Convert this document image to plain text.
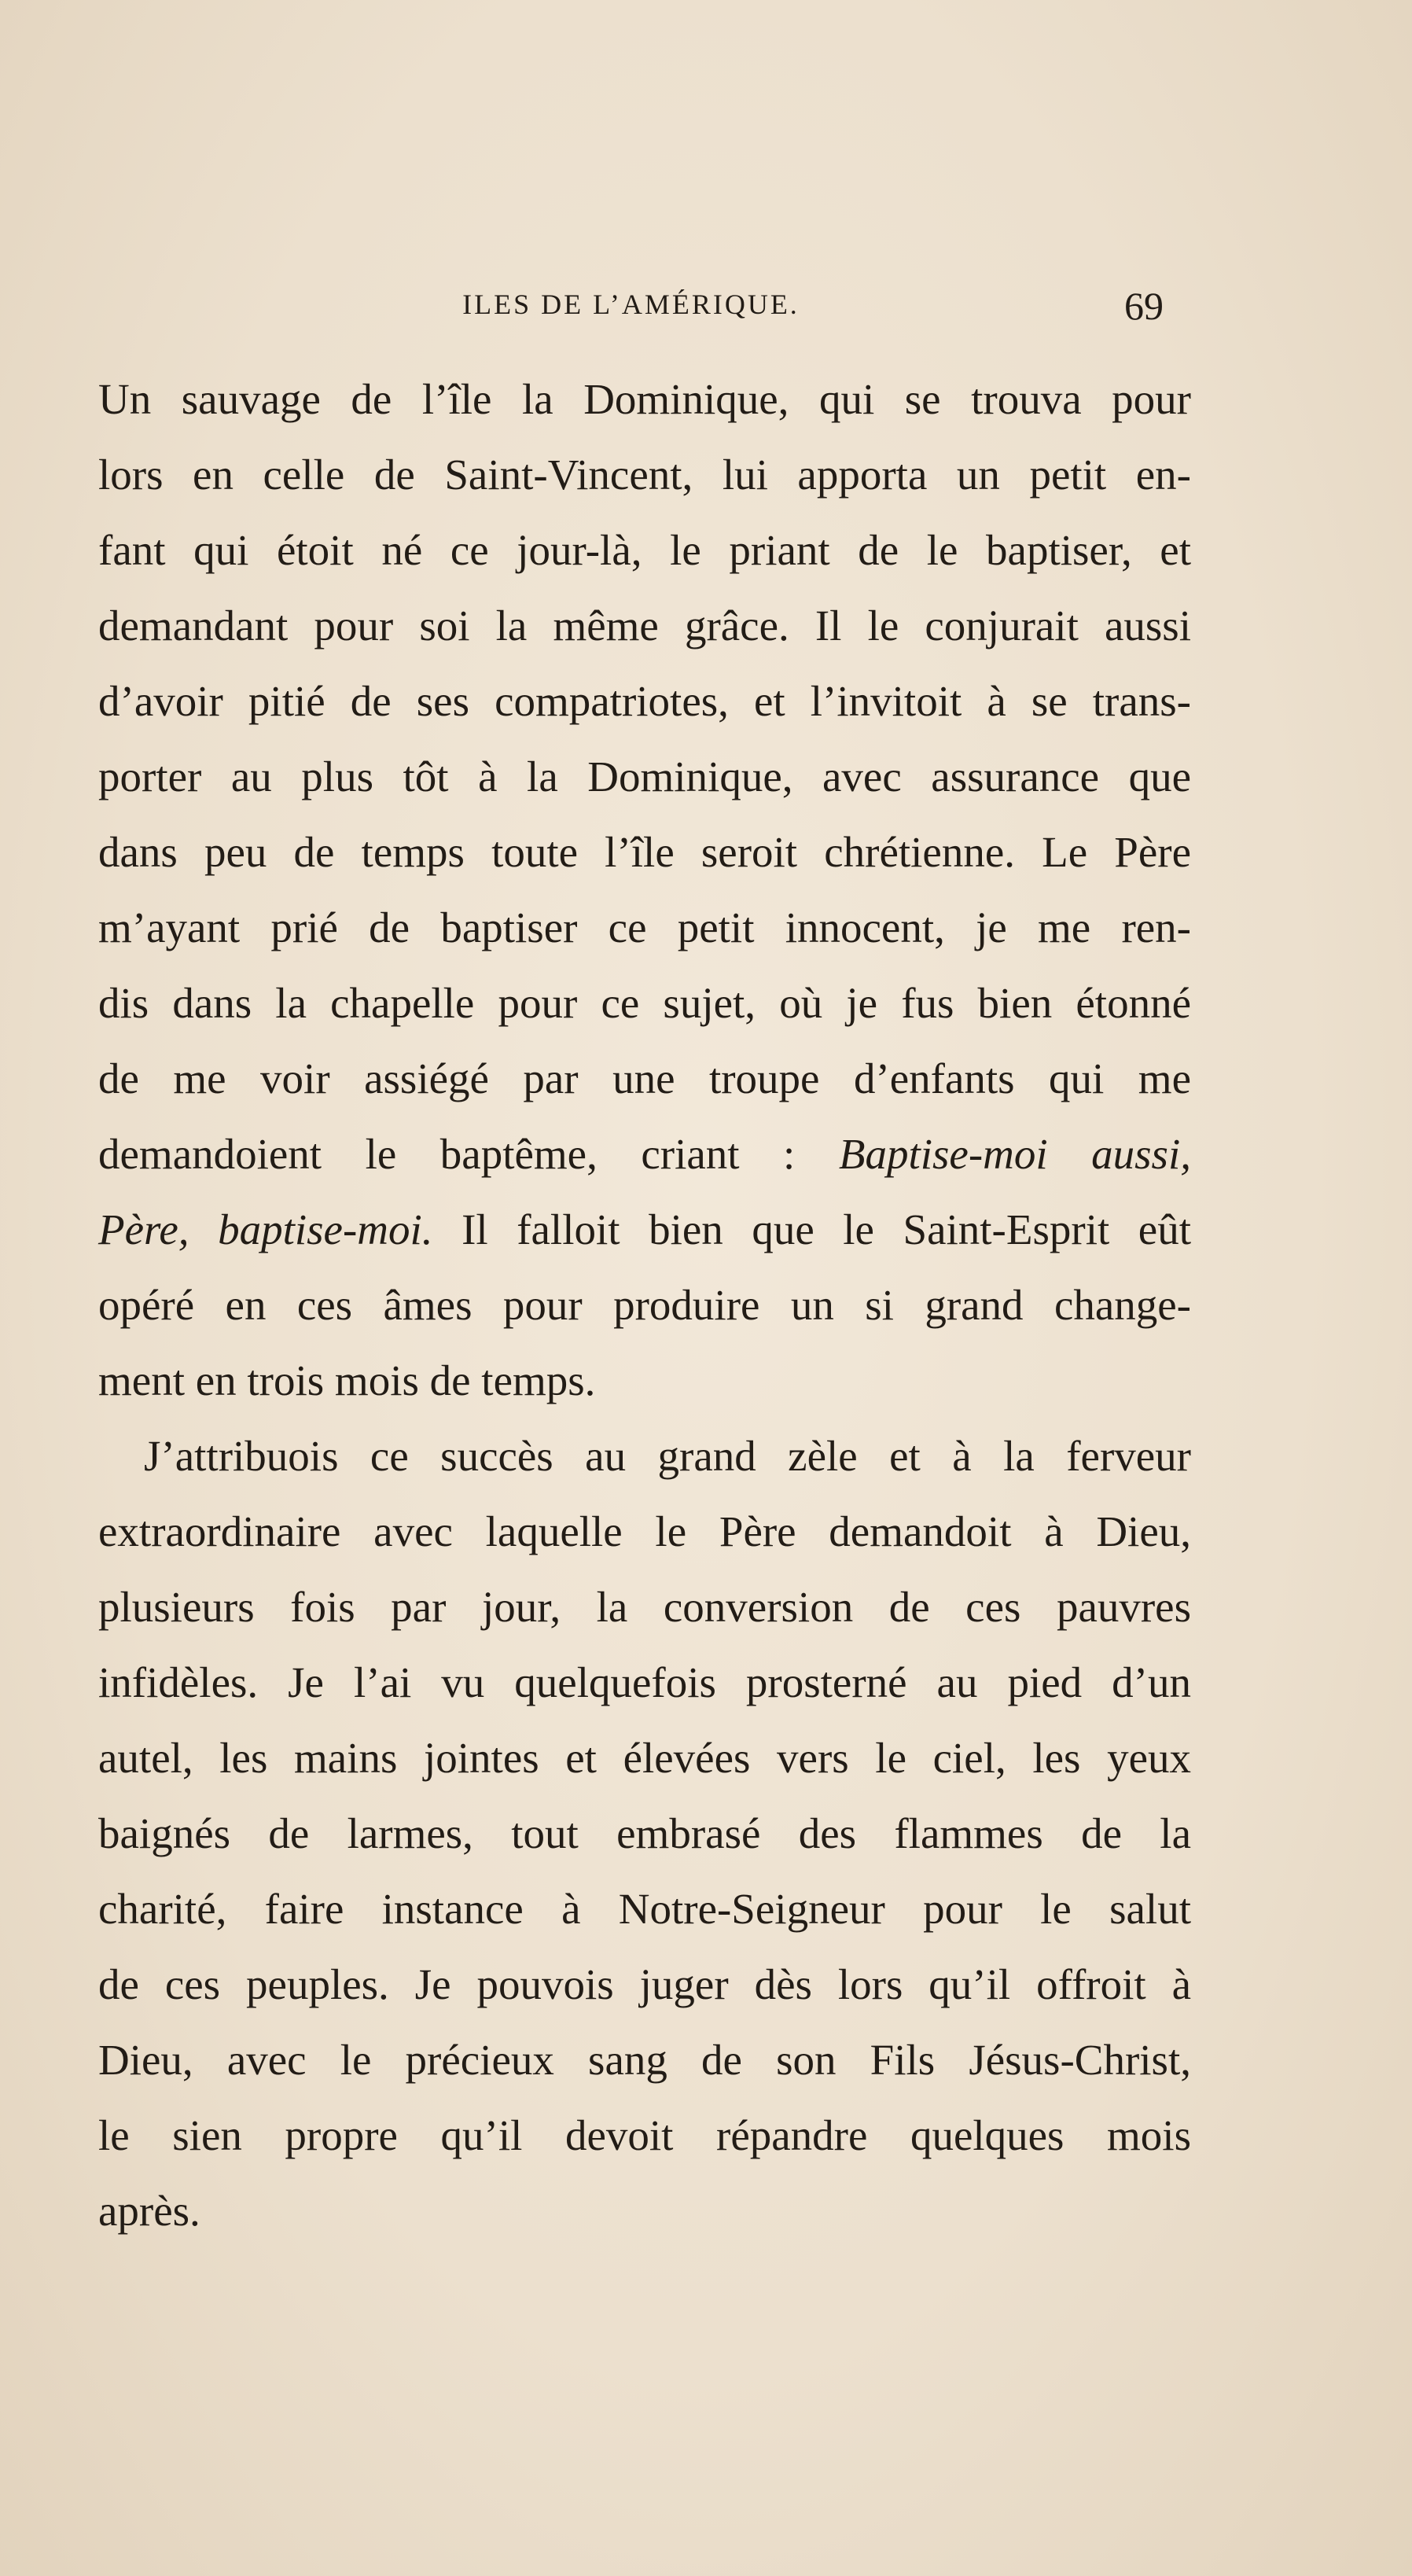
ILES DE L’AMÉRIQUE.	69
Un sauvage de l’île la Dominique, qui se trouva pour
lors en celle de Saint-Vincent, lui apporta un petit en-
fant qui étoit né ce jour-là, le priant de le baptiser, et
demandant pour soi la même grâce. Il le conjurait aussi
d’avoir pitié de ses compatriotes, et l’invitoit à se trans-
porter au plus tôt à la Dominique, avec assurance que
dans peu de temps toute l’île seroit chrétienne. Le Père
m’ayant prié de baptiser ce petit innocent, je me ren-
dis dans la chapelle pour ce sujet, où je fus bien étonné
de me voir assiégé par une troupe d’enfants qui me
demandoient le baptême, criant : Baptise-moi aussi,
Père, baptise-moi. Il falloit bien que le Saint-Esprit eût
opéré en ces âmes pour produire un si grand change-
ment en trois mois de temps.
J’attribuois ce succès au grand zèle et à la ferveur
extraordinaire avec laquelle le Père demandoit à Dieu,
plusieurs fois par jour, la conversion de ces pauvres
infidèles. Je l’ai vu quelquefois prosterné au pied d’un
autel, les mains jointes et élevées vers le ciel, les yeux
baignés de larmes, tout embrasé des flammes de la
charité, faire instance à Notre-Seigneur pour le salut
de ces peuples. Je pouvois juger dès lors qu’il offroit à
Dieu, avec le précieux sang de son Fils Jésus-Christ,
le sien propre qu’il devoit répandre quelques mois
après.
